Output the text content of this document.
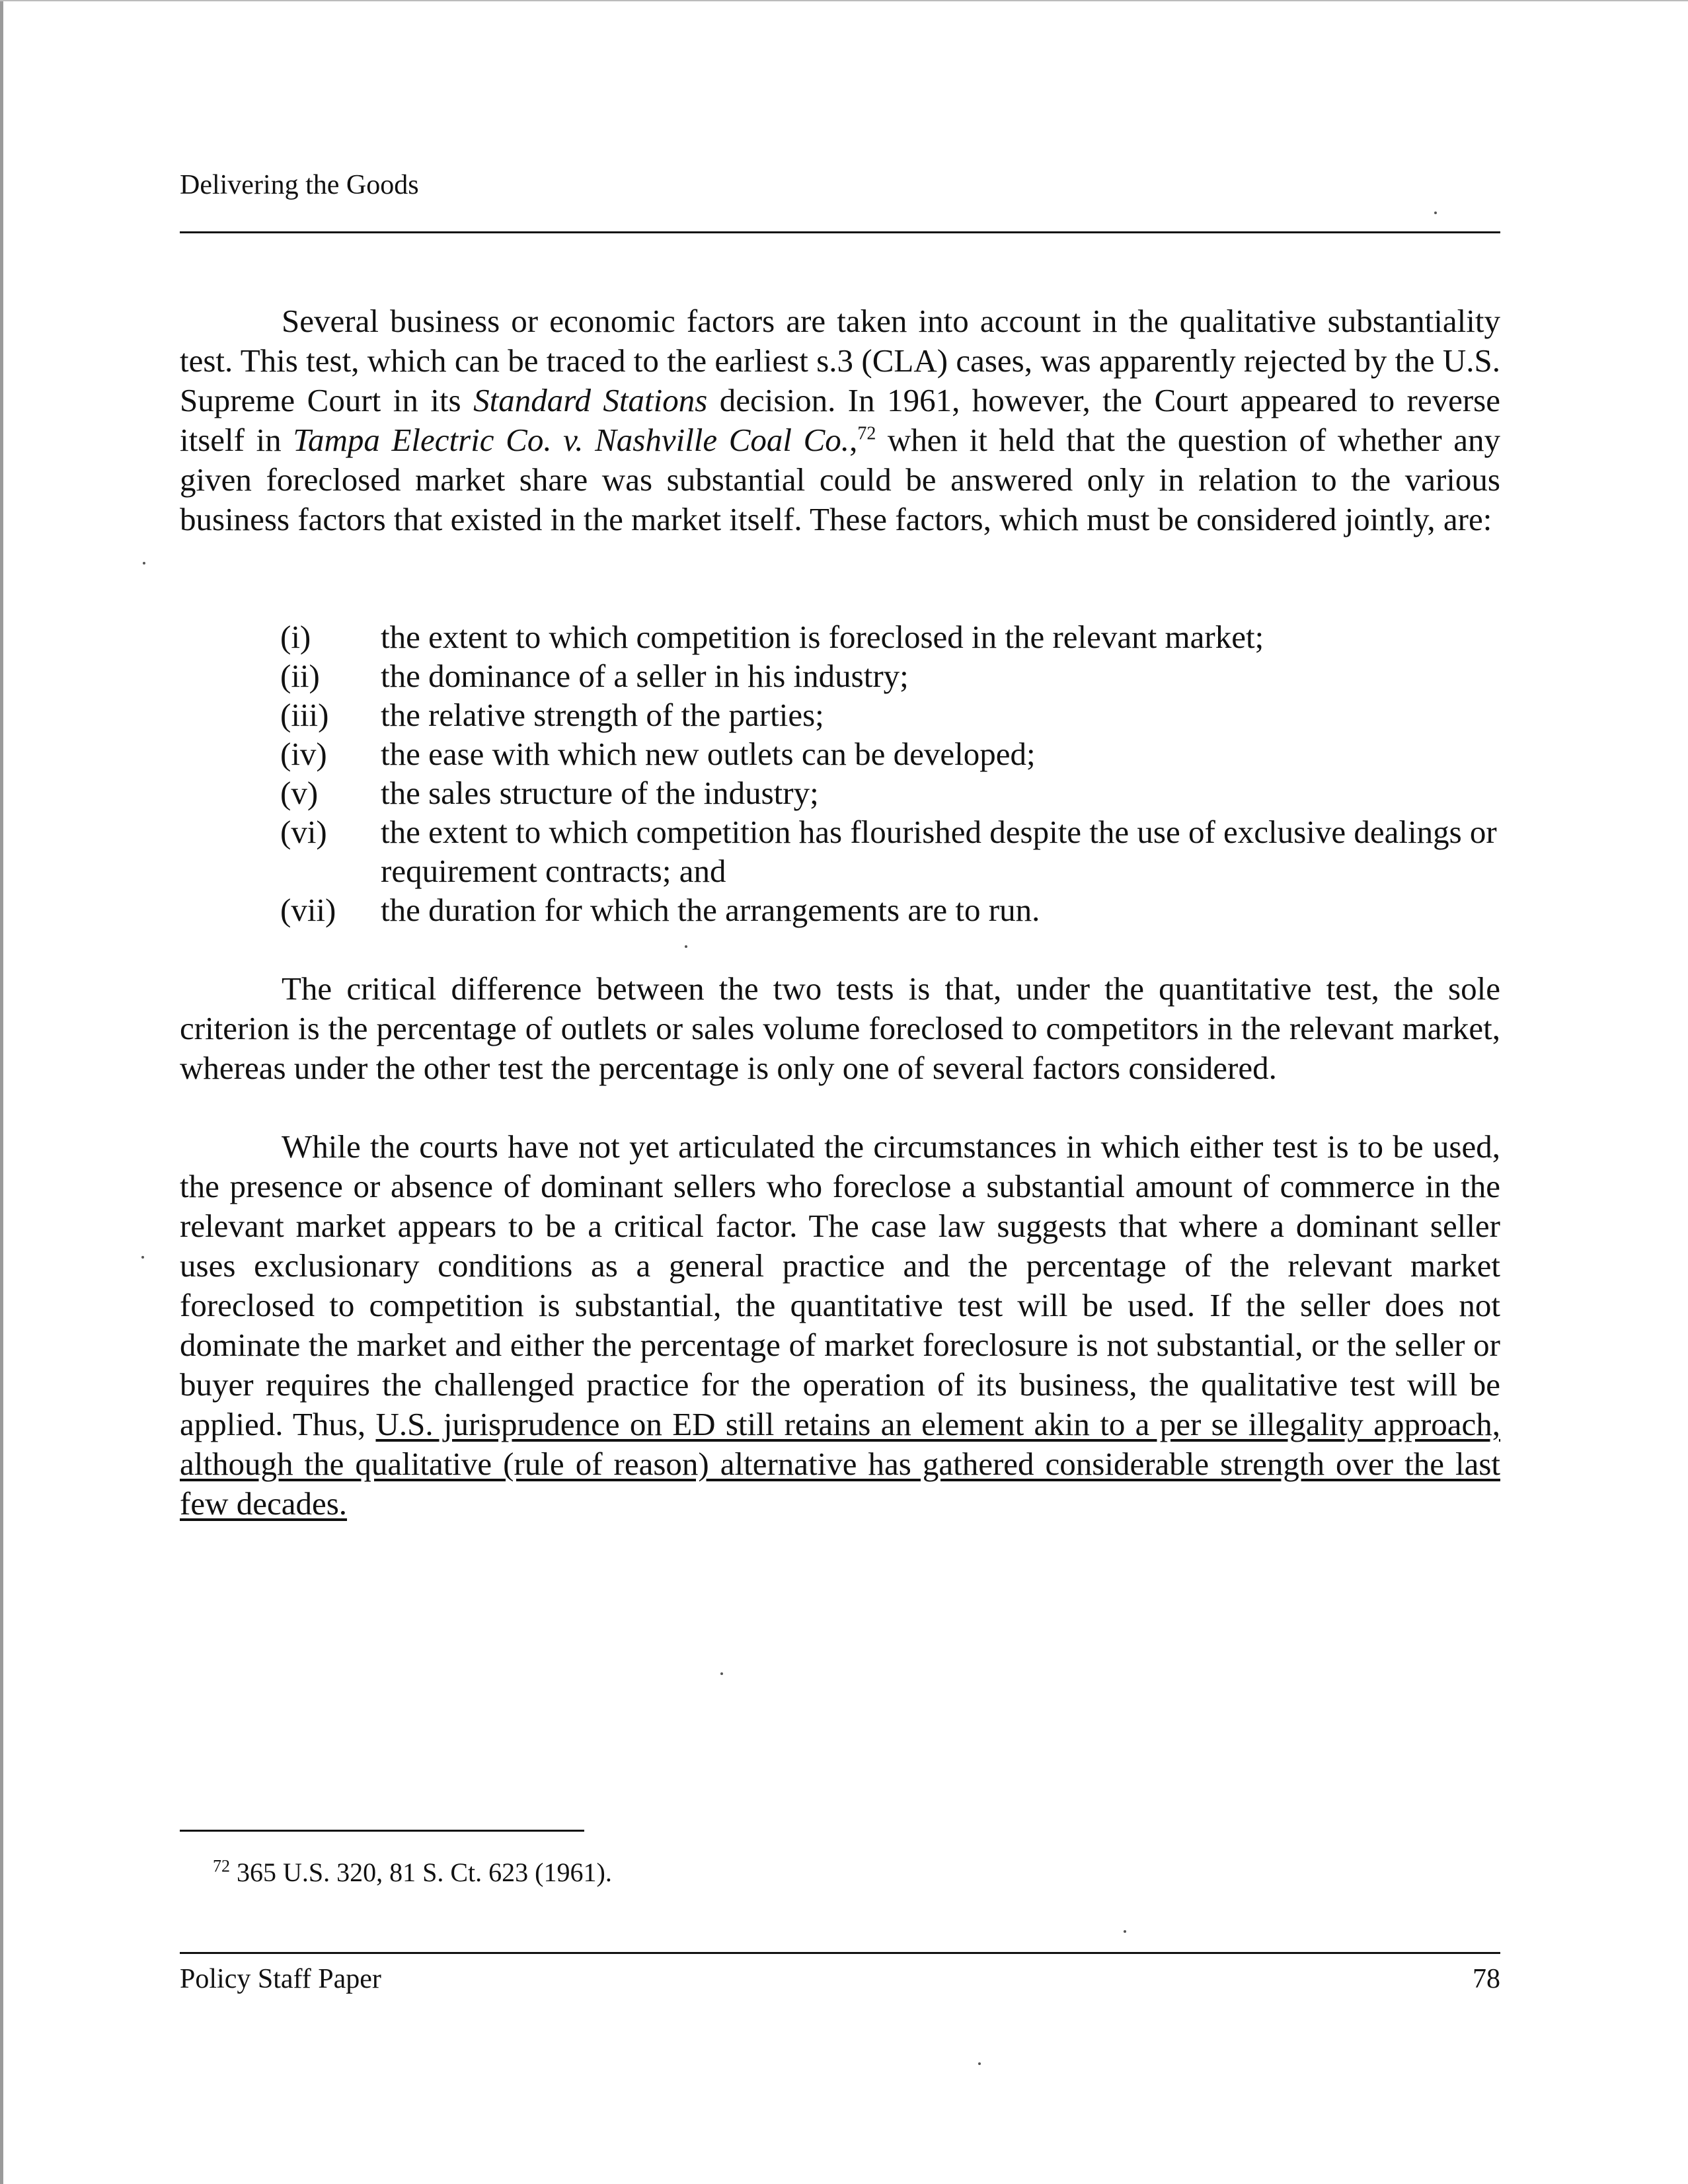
Delivering the Goods

Several business or economic factors are taken into account in the qualitative substantiality test. This test, which can be traced to the earliest s.3 (CLA) cases, was apparently rejected by the U.S. Supreme Court in its Standard Stations decision. In 1961, however, the Court appeared to reverse itself in Tampa Electric Co. v. Nashville Coal Co.,$^{72}$ when it held that the question of whether any given foreclosed market share was substantial could be answered only in relation to the various business factors that existed in the market itself. These factors, which must be considered jointly, are:

(i)	the extent to which competition is foreclosed in the relevant market;
(ii)	the dominance of a seller in his industry;
(iii)	the relative strength of the parties;
(iv)	the ease with which new outlets can be developed;
(v)	the sales structure of the industry;
(vi)	the extent to which competition has flourished despite the use of exclusive dealings or requirement contracts; and
(vii)	the duration for which the arrangements are to run.

The critical difference between the two tests is that, under the quantitative test, the sole criterion is the percentage of outlets or sales volume foreclosed to competitors in the relevant market, whereas under the other test the percentage is only one of several factors considered.

While the courts have not yet articulated the circumstances in which either test is to be used, the presence or absence of dominant sellers who foreclose a substantial amount of commerce in the relevant market appears to be a critical factor. The case law suggests that where a dominant seller uses exclusionary conditions as a general practice and the percentage of the relevant market foreclosed to competition is substantial, the quantitative test will be used. If the seller does not dominate the market and either the percentage of market foreclosure is not substantial, or the seller or buyer requires the challenged practice for the operation of its business, the qualitative test will be applied. Thus, U.S. jurisprudence on ED still retains an element akin to a per se illegality approach, although the qualitative (rule of reason) alternative has gathered considerable strength over the last few decades.

$^{72}$ 365 U.S. 320, 81 S. Ct. 623 (1961).
Policy Staff Paper	78
